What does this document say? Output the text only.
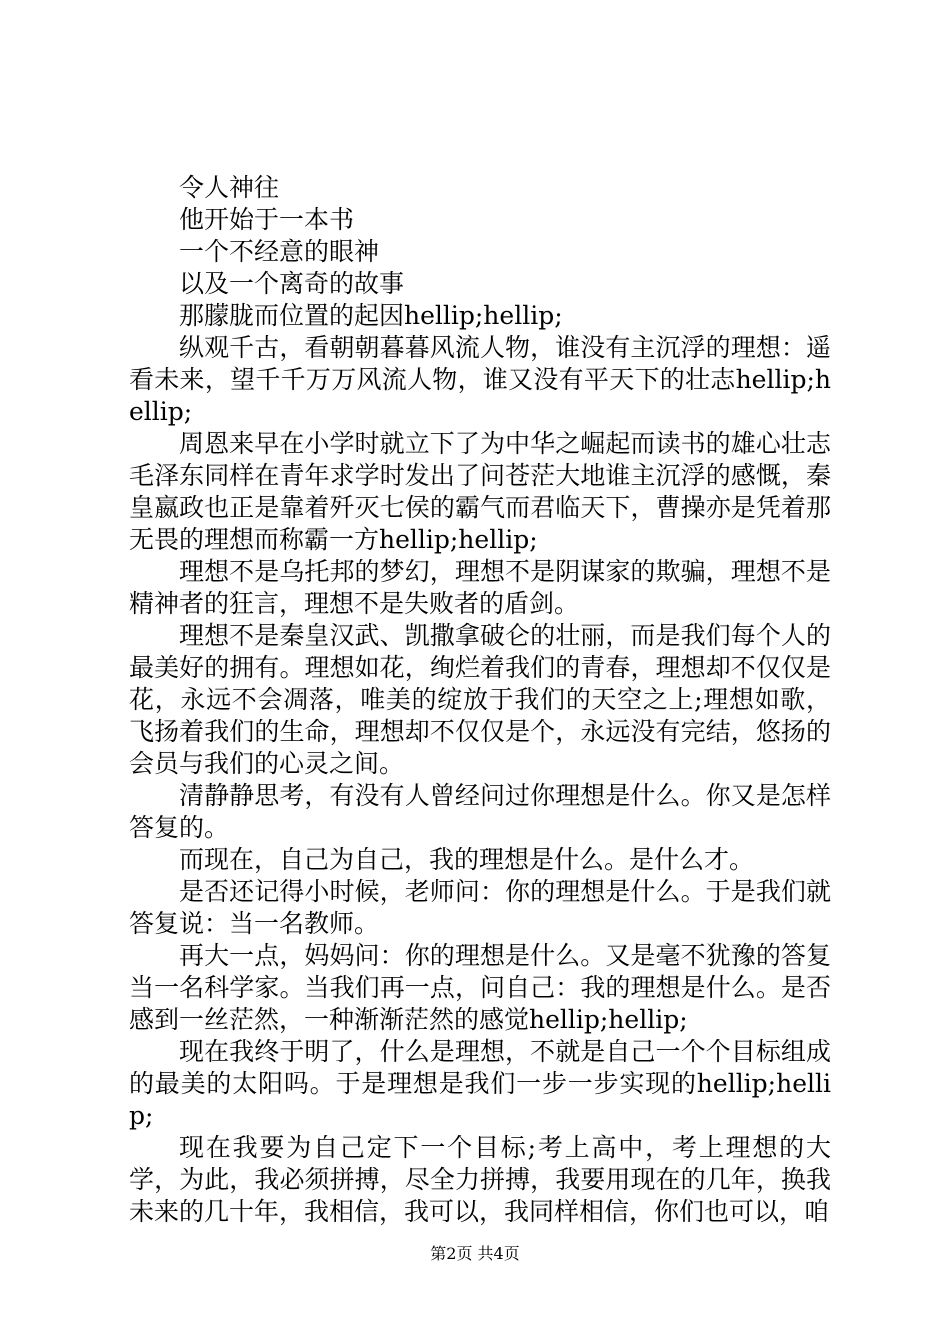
令人神往

他开始于一本书

一个不经意的眼神

以及一个离奇的故事

那朦胧而位置的起因hellip;hellip;

纵观千古，看朝朝暮暮风流人物，谁没有主沉浮的理想：遥看未来，望千千万万风流人物，谁又没有平天下的壮志hellip;hellip;

周恩来早在小学时就立下了为中华之崛起而读书的雄心壮志毛泽东同样在青年求学时发出了问苍茫大地谁主沉浮的感慨，秦皇嬴政也正是靠着歼灭七侯的霸气而君临天下，曹操亦是凭着那无畏的理想而称霸一方hellip;hellip;

理想不是乌托邦的梦幻，理想不是阴谋家的欺骗，理想不是精神者的狂言，理想不是失败者的盾剑。

理想不是秦皇汉武、凯撒拿破仑的壮丽，而是我们每个人的最美好的拥有。理想如花，绚烂着我们的青春，理想却不仅仅是花，永远不会凋落，唯美的绽放于我们的天空之上;理想如歌，飞扬着我们的生命，理想却不仅仅是个，永远没有完结，悠扬的会员与我们的心灵之间。

清静静思考，有没有人曾经问过你理想是什么。你又是怎样答复的。

而现在，自己为自己，我的理想是什么。是什么才。

是否还记得小时候，老师问：你的理想是什么。于是我们就答复说：当一名教师。

再大一点，妈妈问：你的理想是什么。又是毫不犹豫的答复当一名科学家。当我们再一点，问自己：我的理想是什么。是否感到一丝茫然，一种渐渐茫然的感觉hellip;hellip;

现在我终于明了，什么是理想，不就是自己一个个目标组成的最美的太阳吗。于是理想是我们一步一步实现的hellip;hellip;

现在我要为自己定下一个目标;考上高中，考上理想的大学，为此，我必须拼搏，尽全力拼搏，我要用现在的几年，换我未来的几十年，我相信，我可以，我同样相信，你们也可以，咱

第2页 共4页
